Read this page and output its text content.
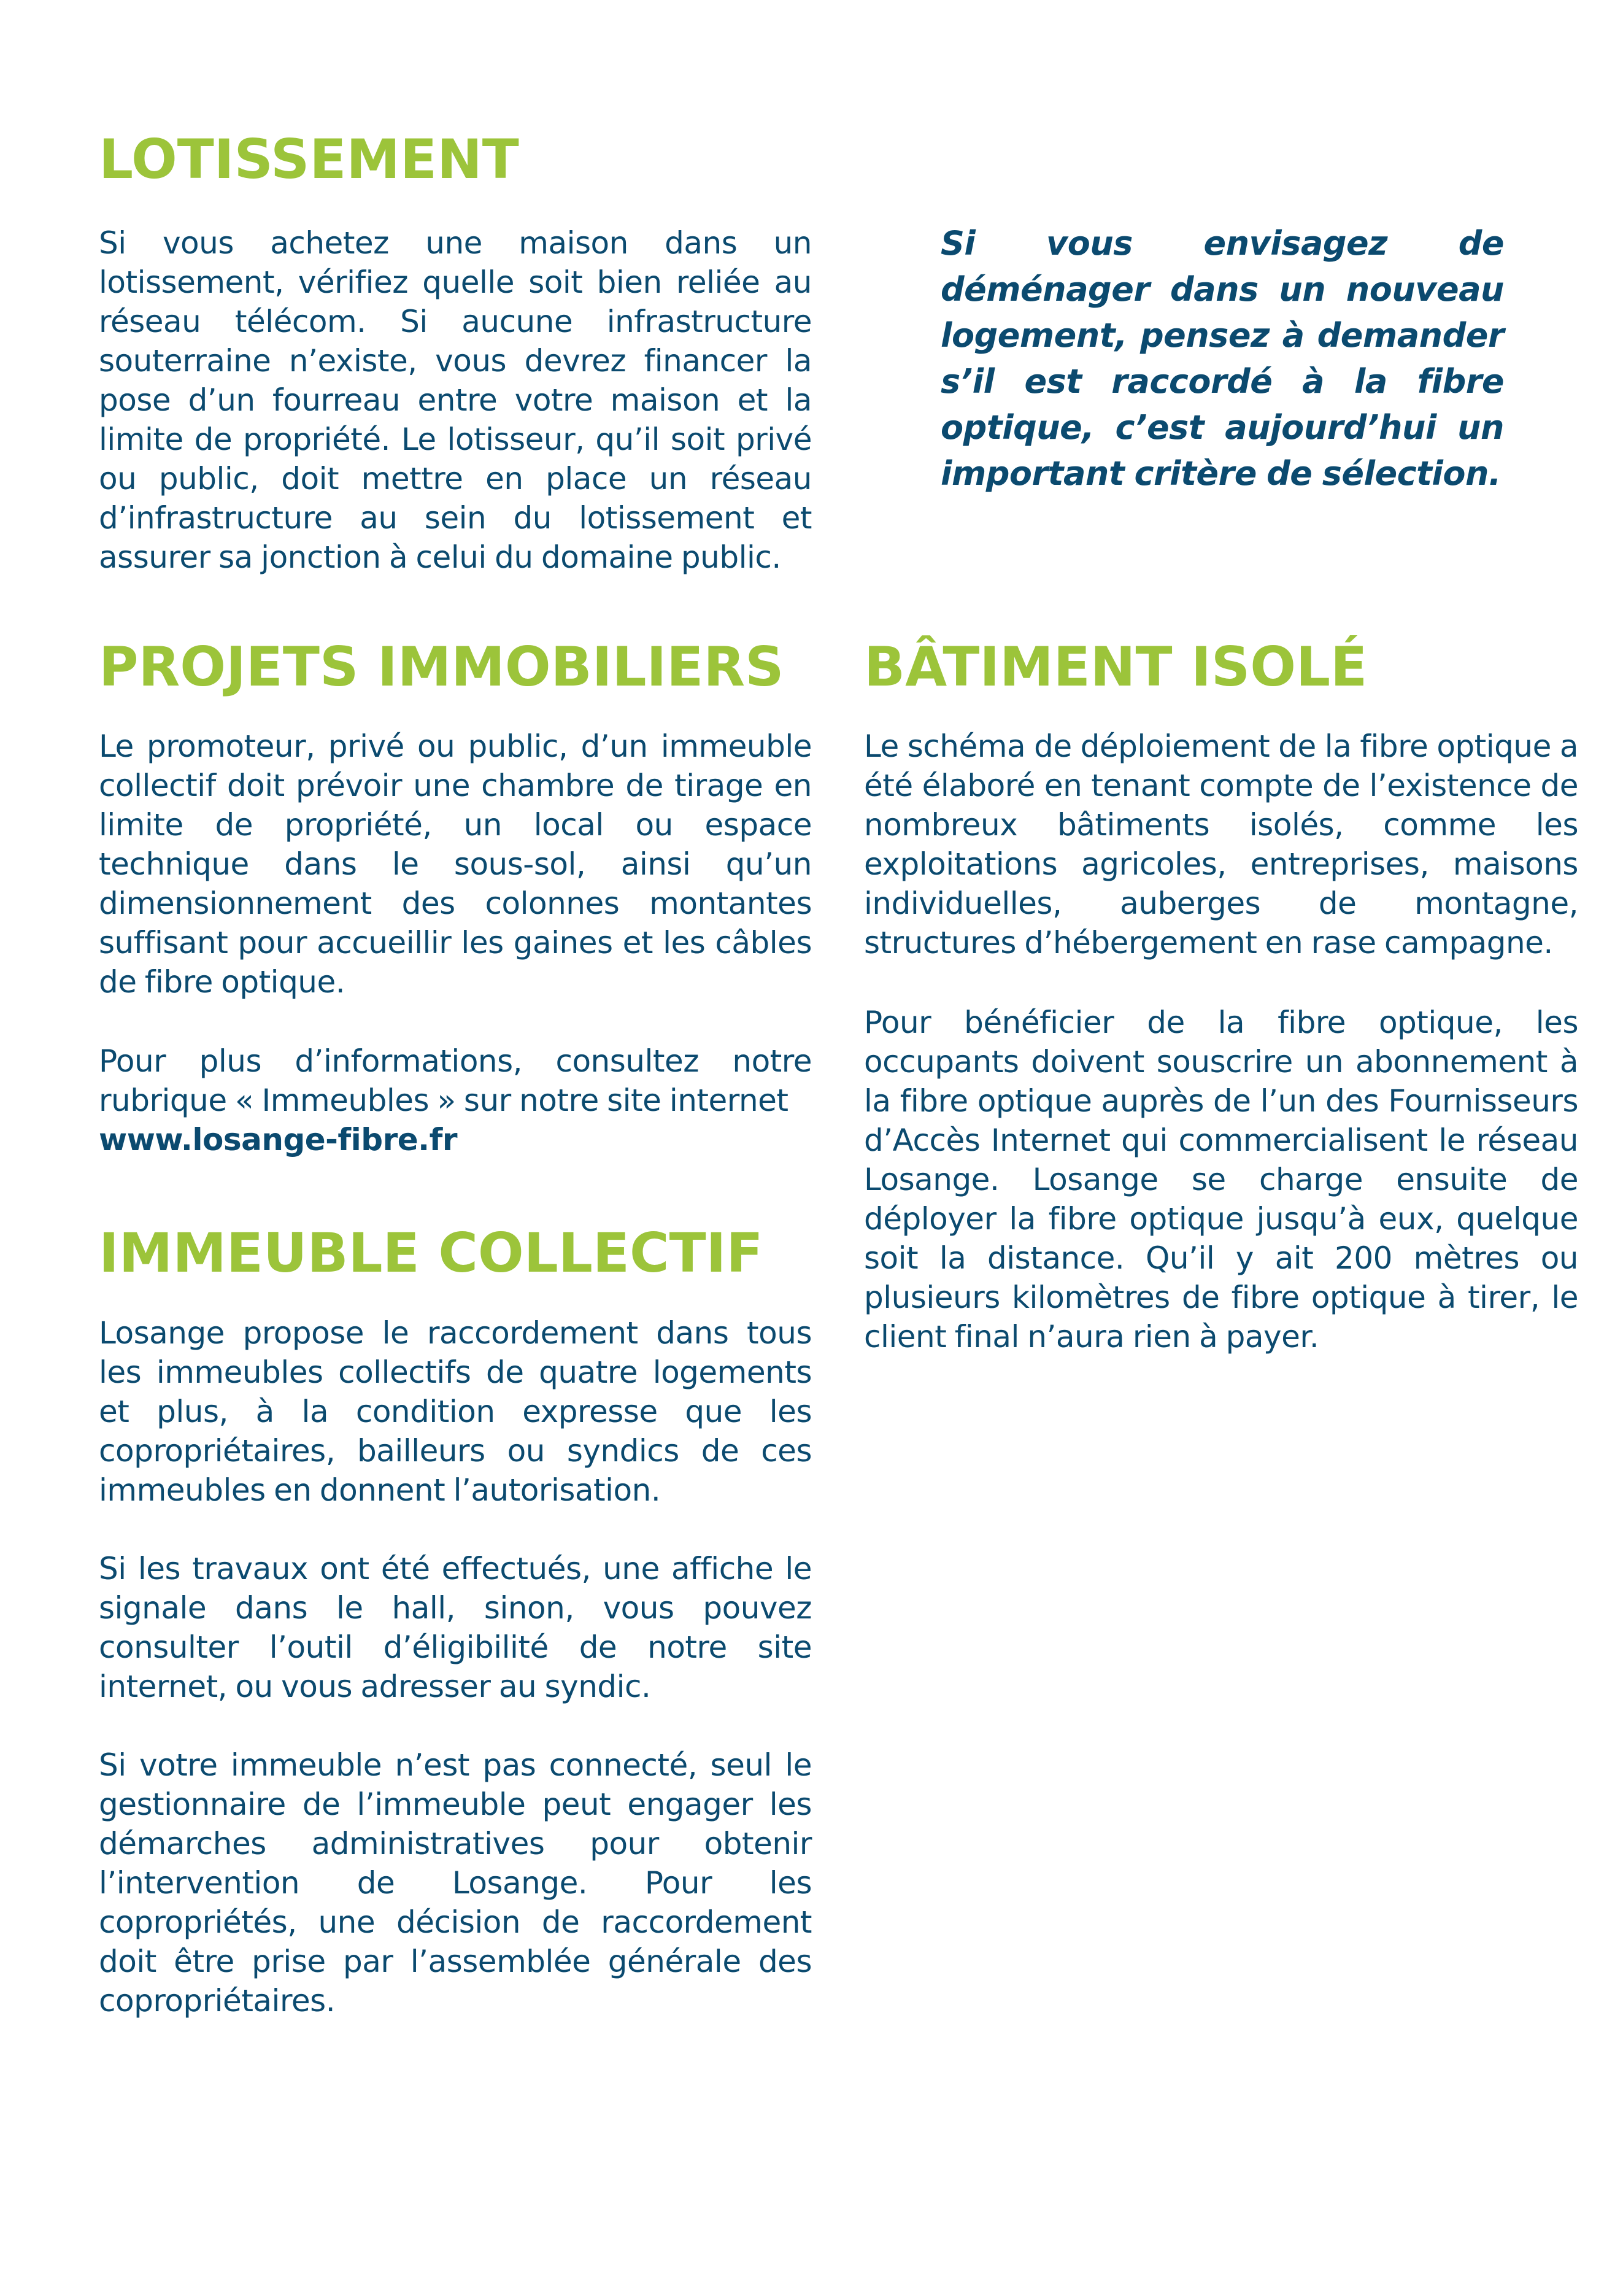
LOTISSEMENT

Si vous achetez une maison dans un lotissement, vérifiez quelle soit bien reliée au réseau télécom. Si aucune infrastructure souterraine n’existe, vous devrez financer la pose d’un fourreau entre votre maison et la limite de propriété. Le lotisseur, qu’il soit privé ou public, doit mettre en place un réseau d’infrastructure au sein du lotissement et assurer sa jonction à celui du domaine public.

Si vous envisagez de déménager dans un nouveau logement, pensez à demander s’il est raccordé à la fibre optique, c’est aujourd’hui un important critère de sélection.

PROJETS IMMOBILIERS

Le promoteur, privé ou public, d’un immeuble collectif doit prévoir une chambre de tirage en limite de propriété, un local ou espace technique dans le sous-sol, ainsi qu’un dimensionnement des colonnes montantes suffisant pour accueillir les gaines et les câbles de fibre optique.

Pour plus d’informations, consultez notre rubrique « Immeubles » sur notre site internet

www.losange-fibre.fr

IMMEUBLE COLLECTIF

Losange propose le raccordement dans tous les immeubles collectifs de quatre logements et plus, à la condition expresse que les copropriétaires, bailleurs ou syndics de ces immeubles en donnent l’autorisation.

Si les travaux ont été effectués, une affiche le signale dans le hall, sinon, vous pouvez consulter l’outil d’éligibilité de notre site internet, ou vous adresser au syndic.

Si votre immeuble n’est pas connecté, seul le gestionnaire de l’immeuble peut engager les démarches administratives pour obtenir l’intervention de Losange. Pour les copropriétés, une décision de raccordement doit être prise par l’assemblée générale des copropriétaires.

BÂTIMENT ISOLÉ

Le schéma de déploiement de la fibre optique a été élaboré en tenant compte de l’existence de nombreux bâtiments isolés, comme les exploitations agricoles, entreprises, maisons individuelles, auberges de montagne, structures d’hébergement en rase campagne.

Pour bénéficier de la fibre optique, les occupants doivent souscrire un abonnement à la fibre optique auprès de l’un des Fournisseurs d’Accès Internet qui commercialisent le réseau Losange. Losange se charge ensuite de déployer la fibre optique jusqu’à eux, quelque soit la distance. Qu’il y ait 200 mètres ou plusieurs kilomètres de fibre optique à tirer, le client final n’aura rien à payer.
